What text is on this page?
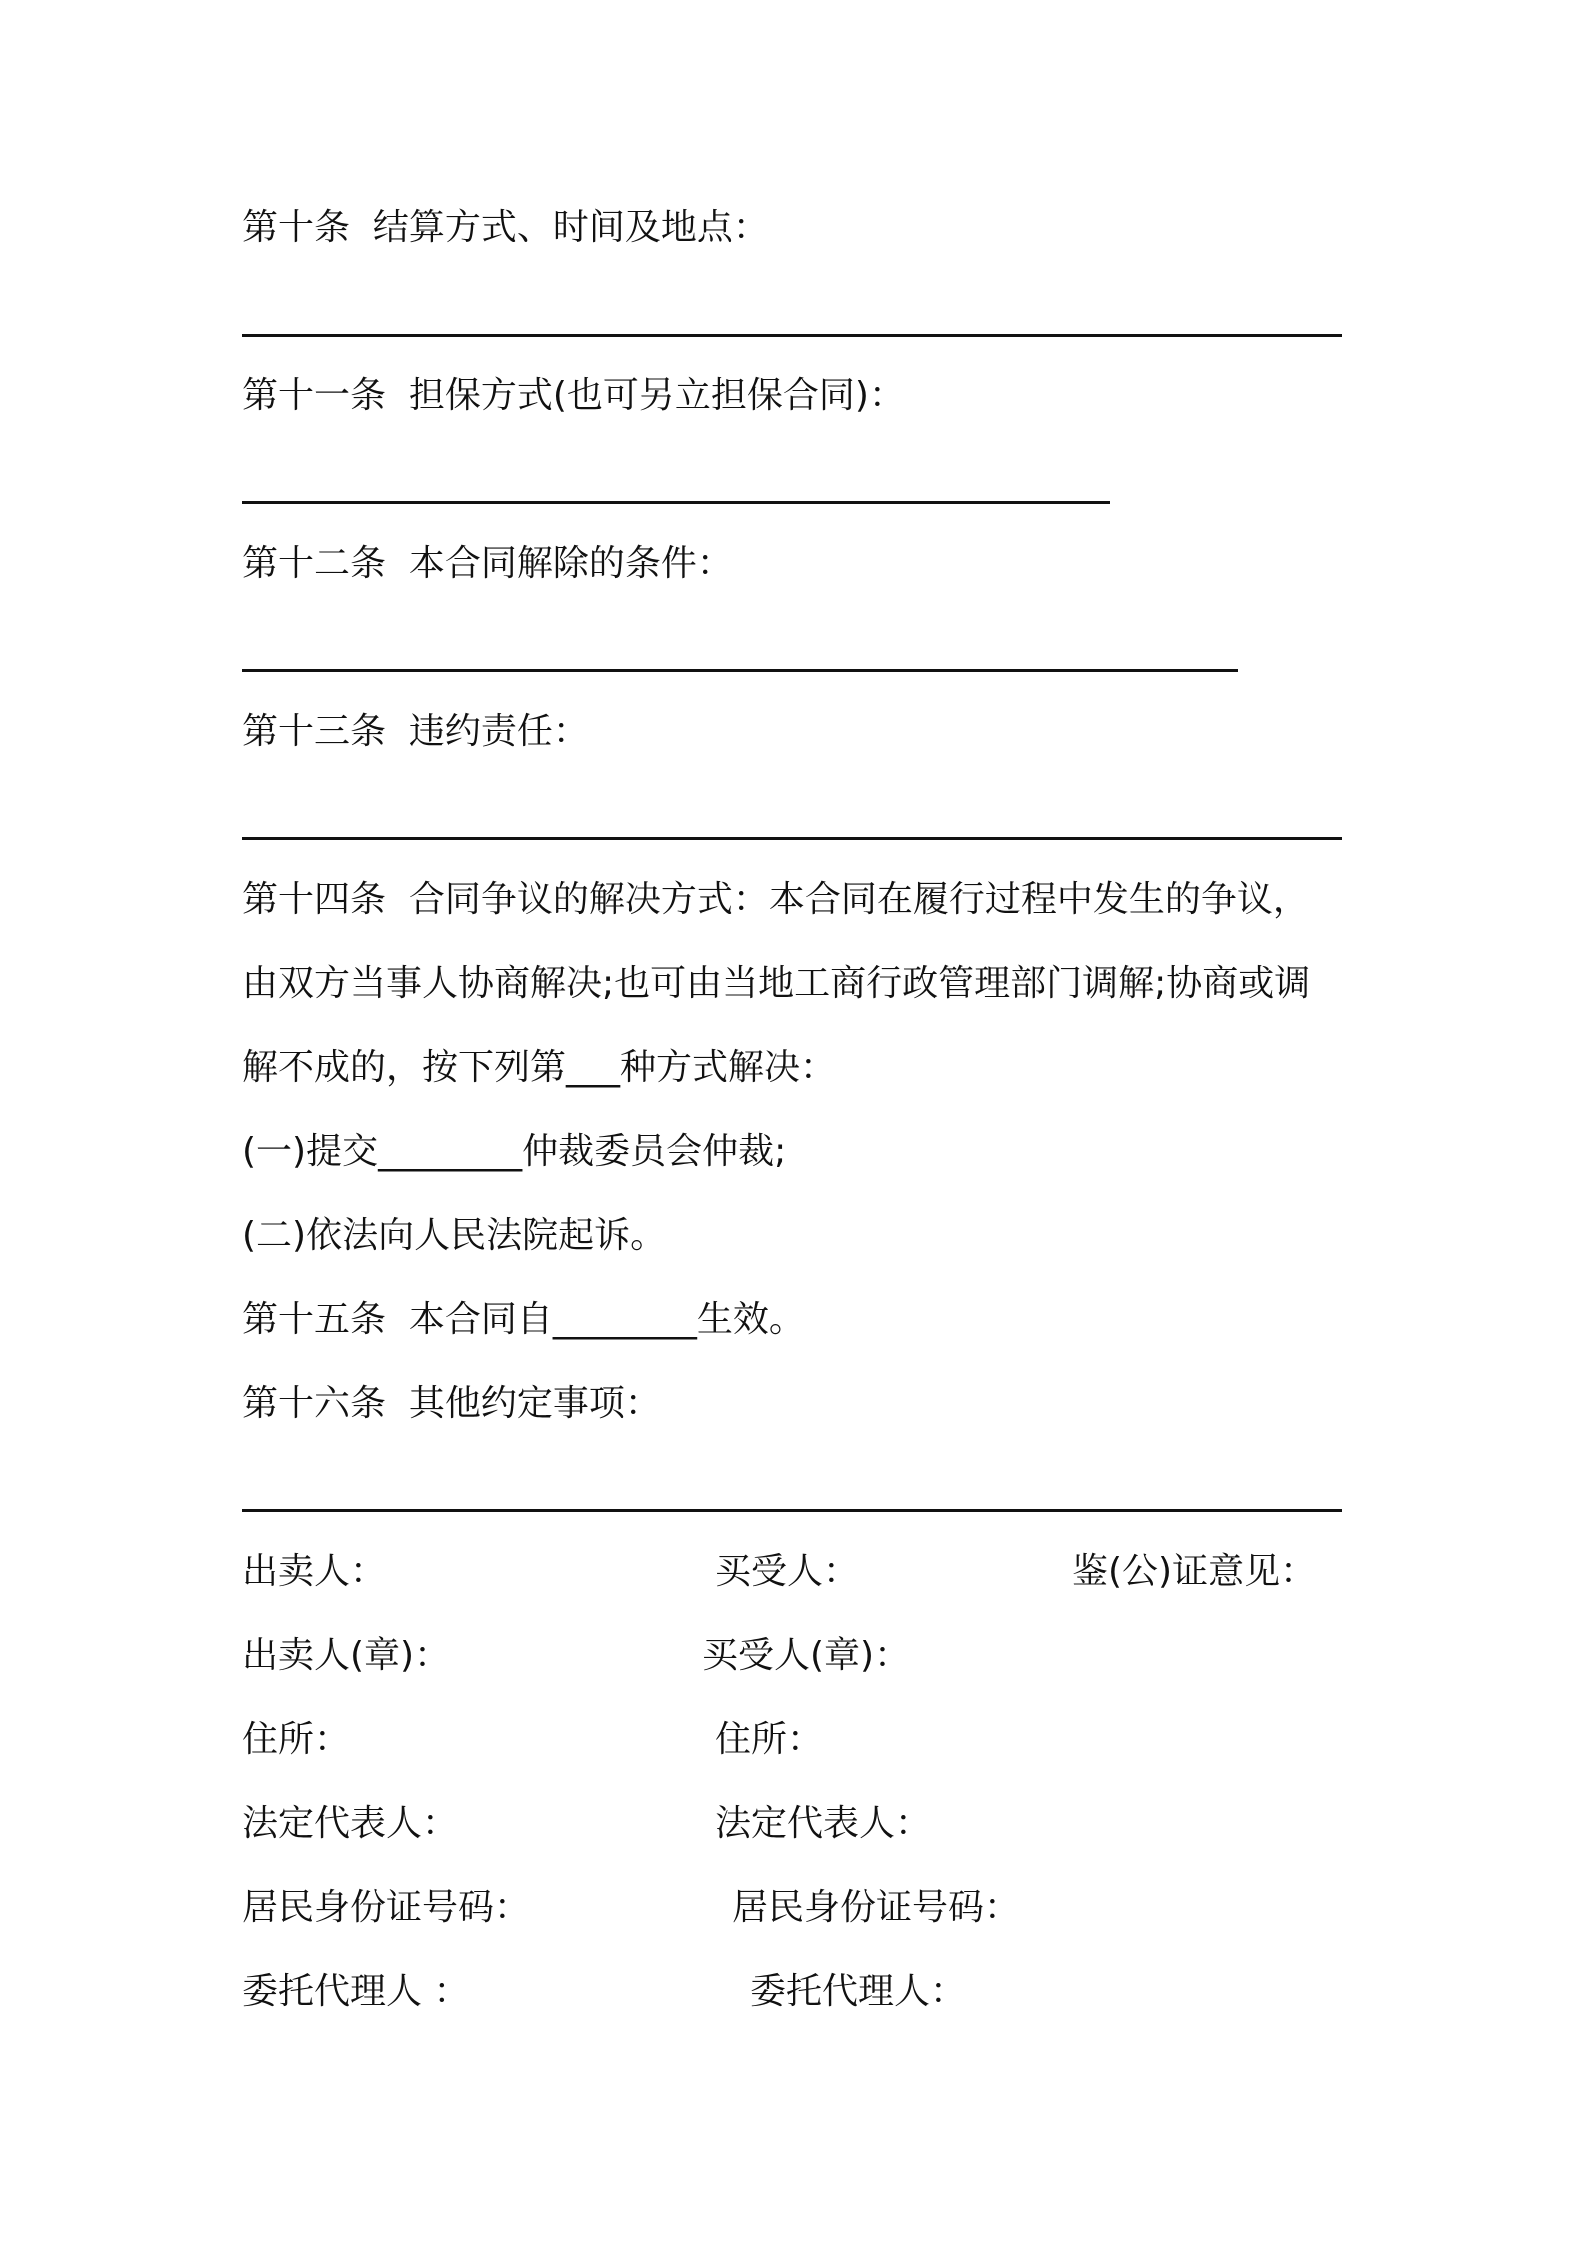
第十条  结算方式、时间及地点：
第十一条  担保方式(也可另立担保合同)：
第十二条  本合同解除的条件：
第十三条  违约责任：
第十四条  合同争议的解决方式：本合同在履行过程中发生的争议，
由双方当事人协商解决;也可由当地工商行政管理部门调解;协商或调
解不成的，按下列第___种方式解决：
(一)提交________仲裁委员会仲裁;
(二)依法向人民法院起诉。
第十五条  本合同自________生效。
第十六条  其他约定事项：
出卖人：	买受人：	鉴(公)证意见：
出卖人(章)：	买受人(章)：
住所：	住所：
法定代表人：	法定代表人：
居民身份证号码：	居民身份证号码：
委托代理人 ：	委托代理人：
